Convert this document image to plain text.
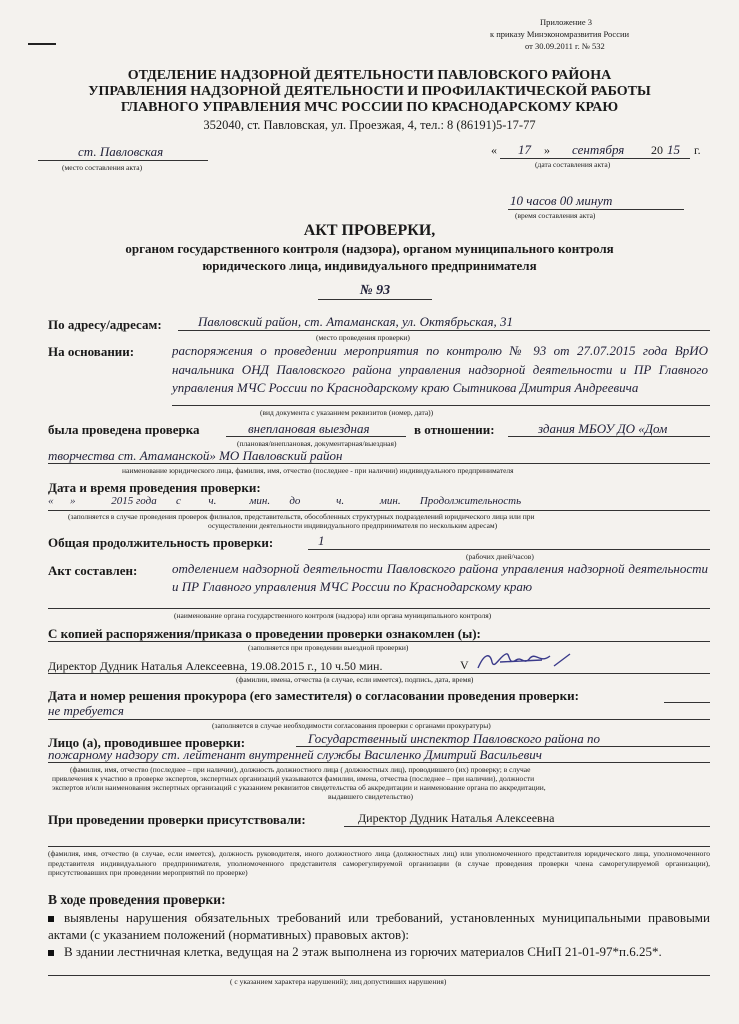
Приложение 3
к приказу Минэкономразвития России
от 30.09.2011 г. № 532
ОТДЕЛЕНИЕ НАДЗОРНОЙ ДЕЯТЕЛЬНОСТИ ПАВЛОВСКОГО РАЙОНА
УПРАВЛЕНИЯ НАДЗОРНОЙ ДЕЯТЕЛЬНОСТИ И ПРОФИЛАКТИЧЕСКОЙ РАБОТЫ
ГЛАВНОГО УПРАВЛЕНИЯ МЧС РОССИИ ПО КРАСНОДАРСКОМУ КРАЮ
352040, ст. Павловская, ул. Проезжая, 4, тел.: 8 (86191)5-17-77
ст. Павловская
(место составления акта)
« 17 » сентября 20 15 г.
(дата составления акта)
10 часов 00 минут
(время составления акта)
АКТ ПРОВЕРКИ,
органом государственного контроля (надзора), органом муниципального контроля
юридического лица, индивидуального предпринимателя
№ 93
По адресу/адресам:	Павловский район, ст. Атаманская, ул. Октябрьская, 31
(место проведения проверки)
На основании:	распоряжения о проведении мероприятия по контролю № 93 от 27.07.2015 года ВрИО начальника ОНД Павловского района управления надзорной деятельности и ПР Главного управления МЧС России по Краснодарскому краю Сытникова Дмитрия Андреевича
(вид документа с указанием реквизитов (номер, дата))
была проведена проверка	внеплановая выездная	в отношении:	здания МБОУ ДО «Дом
(плановая/внеплановая, документарная/выездная)
творчества ст. Атаманской» МО Павловский район
наименование юридического лица, фамилия, имя, отчество (последнее - при наличии) индивидуального предпринимателя
Дата и время проведения проверки:
«      »             2015 года       с          ч.            мин.       до             ч.             мин.       Продолжительность
(заполняется в случае проведения проверок филиалов, представительств, обособленных структурных подразделений юридического лица или при
осуществлении деятельности индивидуального предпринимателя по нескольким адресам)
Общая продолжительность проверки:	1
(рабочих дней/часов)
Акт составлен:	отделением надзорной деятельности Павловского района управления надзорной деятельности и ПР Главного управления МЧС России по Краснодарскому краю
(наименование органа государственного контроля (надзора) или органа муниципального контроля)
С копией распоряжения/приказа о проведении проверки ознакомлен (ы):
(заполняется при проведении выездной проверки)
Директор Дудник Наталья Алексеевна, 19.08.2015 г., 10 ч.50 мин.	V
(фамилии, имена, отчества (в случае, если имеется), подпись, дата, время)
Дата и номер решения прокурора (его заместителя) о согласовании проведения проверки:
не требуется
(заполняется в случае необходимости согласования проверки с органами прокуратуры)
Лицо (а), проводившее проверки:	Государственный инспектор Павловского района по
пожарному надзору ст. лейтенант внутренней службы Василенко Дмитрий Васильевич
(фамилия, имя, отчество (последнее – при наличии), должность должностного лица ( должностных лиц), проводившего (их) проверку; в случае
привлечения к участию в проверке экспертов, экспертных организаций указываются фамилии, имена, отчества (последнее – при наличии), должности
экспертов и/или наименования экспертных организаций с указанием реквизитов свидетельства об аккредитации и наименование органа по аккредитации,
выдавшего свидетельство)
При проведении проверки присутствовали:	Директор Дудник Наталья Алексеевна
(фамилия, имя, отчество (в случае, если имеется), должность руководителя, иного должностного лица (должностных лиц) или уполномоченного представителя юридического лица, уполномоченного представителя индивидуального предпринимателя, уполномоченного представителя саморегулируемой организации (в случае проведения проверки члена саморегулируемой организации), присутствовавших при проведении мероприятий по проверке)
В ходе проведения проверки:
выявлены нарушения обязательных требований или требований, установленных муниципальными правовыми актами (с указанием положений (нормативных) правовых актов):
В здании лестничная клетка, ведущая на 2 этаж выполнена из горючих материалов СНиП 21-01-97*п.6.25*.
( с указанием характера нарушений); лиц допустивших нарушения)
